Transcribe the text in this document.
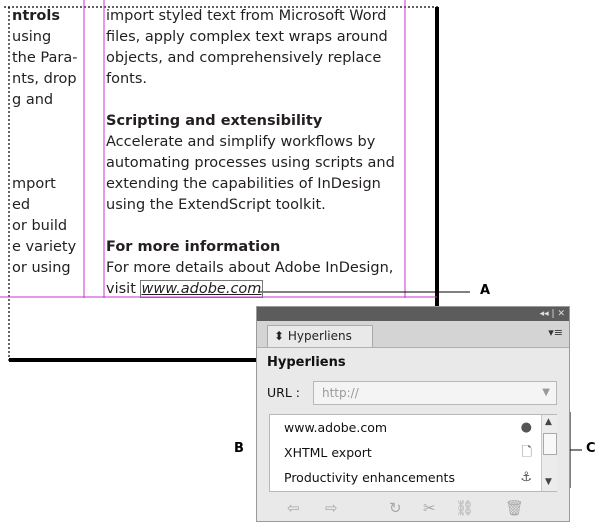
ntrols
using
the Para-
nts, drop
g and

mport
ed
or build
e variety
or using
import styled text from Microsoft Word
files, apply complex text wraps around
objects, and comprehensively replace
fonts.

Scripting and extensibility
Accelerate and simplify workflows by
automating processes using scripts and
extending the capabilities of InDesign
using the ExtendScript toolkit.

For more information
For more details about Adobe InDesign,
visit www.adobe.com	A
B	C
◂◂ | ✕
⬍ Hyperliens	▾≡
Hyperliens
URL :	http://	▼
www.adobe.com	●
XHTML export	🗋
Productivity enhancements	⚓
▲
▼
⇦ ⇨	↻ ✂ ⛓ 🗑
